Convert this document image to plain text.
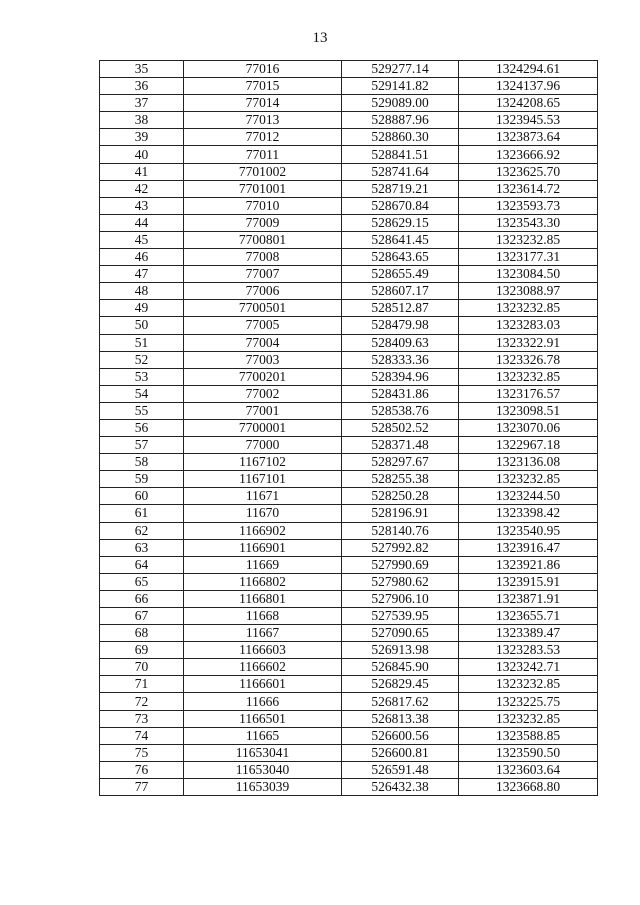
13
35	77016	529277.14	1324294.61
36	77015	529141.82	1324137.96
37	77014	529089.00	1324208.65
38	77013	528887.96	1323945.53
39	77012	528860.30	1323873.64
40	77011	528841.51	1323666.92
41	7701002	528741.64	1323625.70
42	7701001	528719.21	1323614.72
43	77010	528670.84	1323593.73
44	77009	528629.15	1323543.30
45	7700801	528641.45	1323232.85
46	77008	528643.65	1323177.31
47	77007	528655.49	1323084.50
48	77006	528607.17	1323088.97
49	7700501	528512.87	1323232.85
50	77005	528479.98	1323283.03
51	77004	528409.63	1323322.91
52	77003	528333.36	1323326.78
53	7700201	528394.96	1323232.85
54	77002	528431.86	1323176.57
55	77001	528538.76	1323098.51
56	7700001	528502.52	1323070.06
57	77000	528371.48	1322967.18
58	1167102	528297.67	1323136.08
59	1167101	528255.38	1323232.85
60	11671	528250.28	1323244.50
61	11670	528196.91	1323398.42
62	1166902	528140.76	1323540.95
63	1166901	527992.82	1323916.47
64	11669	527990.69	1323921.86
65	1166802	527980.62	1323915.91
66	1166801	527906.10	1323871.91
67	11668	527539.95	1323655.71
68	11667	527090.65	1323389.47
69	1166603	526913.98	1323283.53
70	1166602	526845.90	1323242.71
71	1166601	526829.45	1323232.85
72	11666	526817.62	1323225.75
73	1166501	526813.38	1323232.85
74	11665	526600.56	1323588.85
75	11653041	526600.81	1323590.50
76	11653040	526591.48	1323603.64
77	11653039	526432.38	1323668.80
